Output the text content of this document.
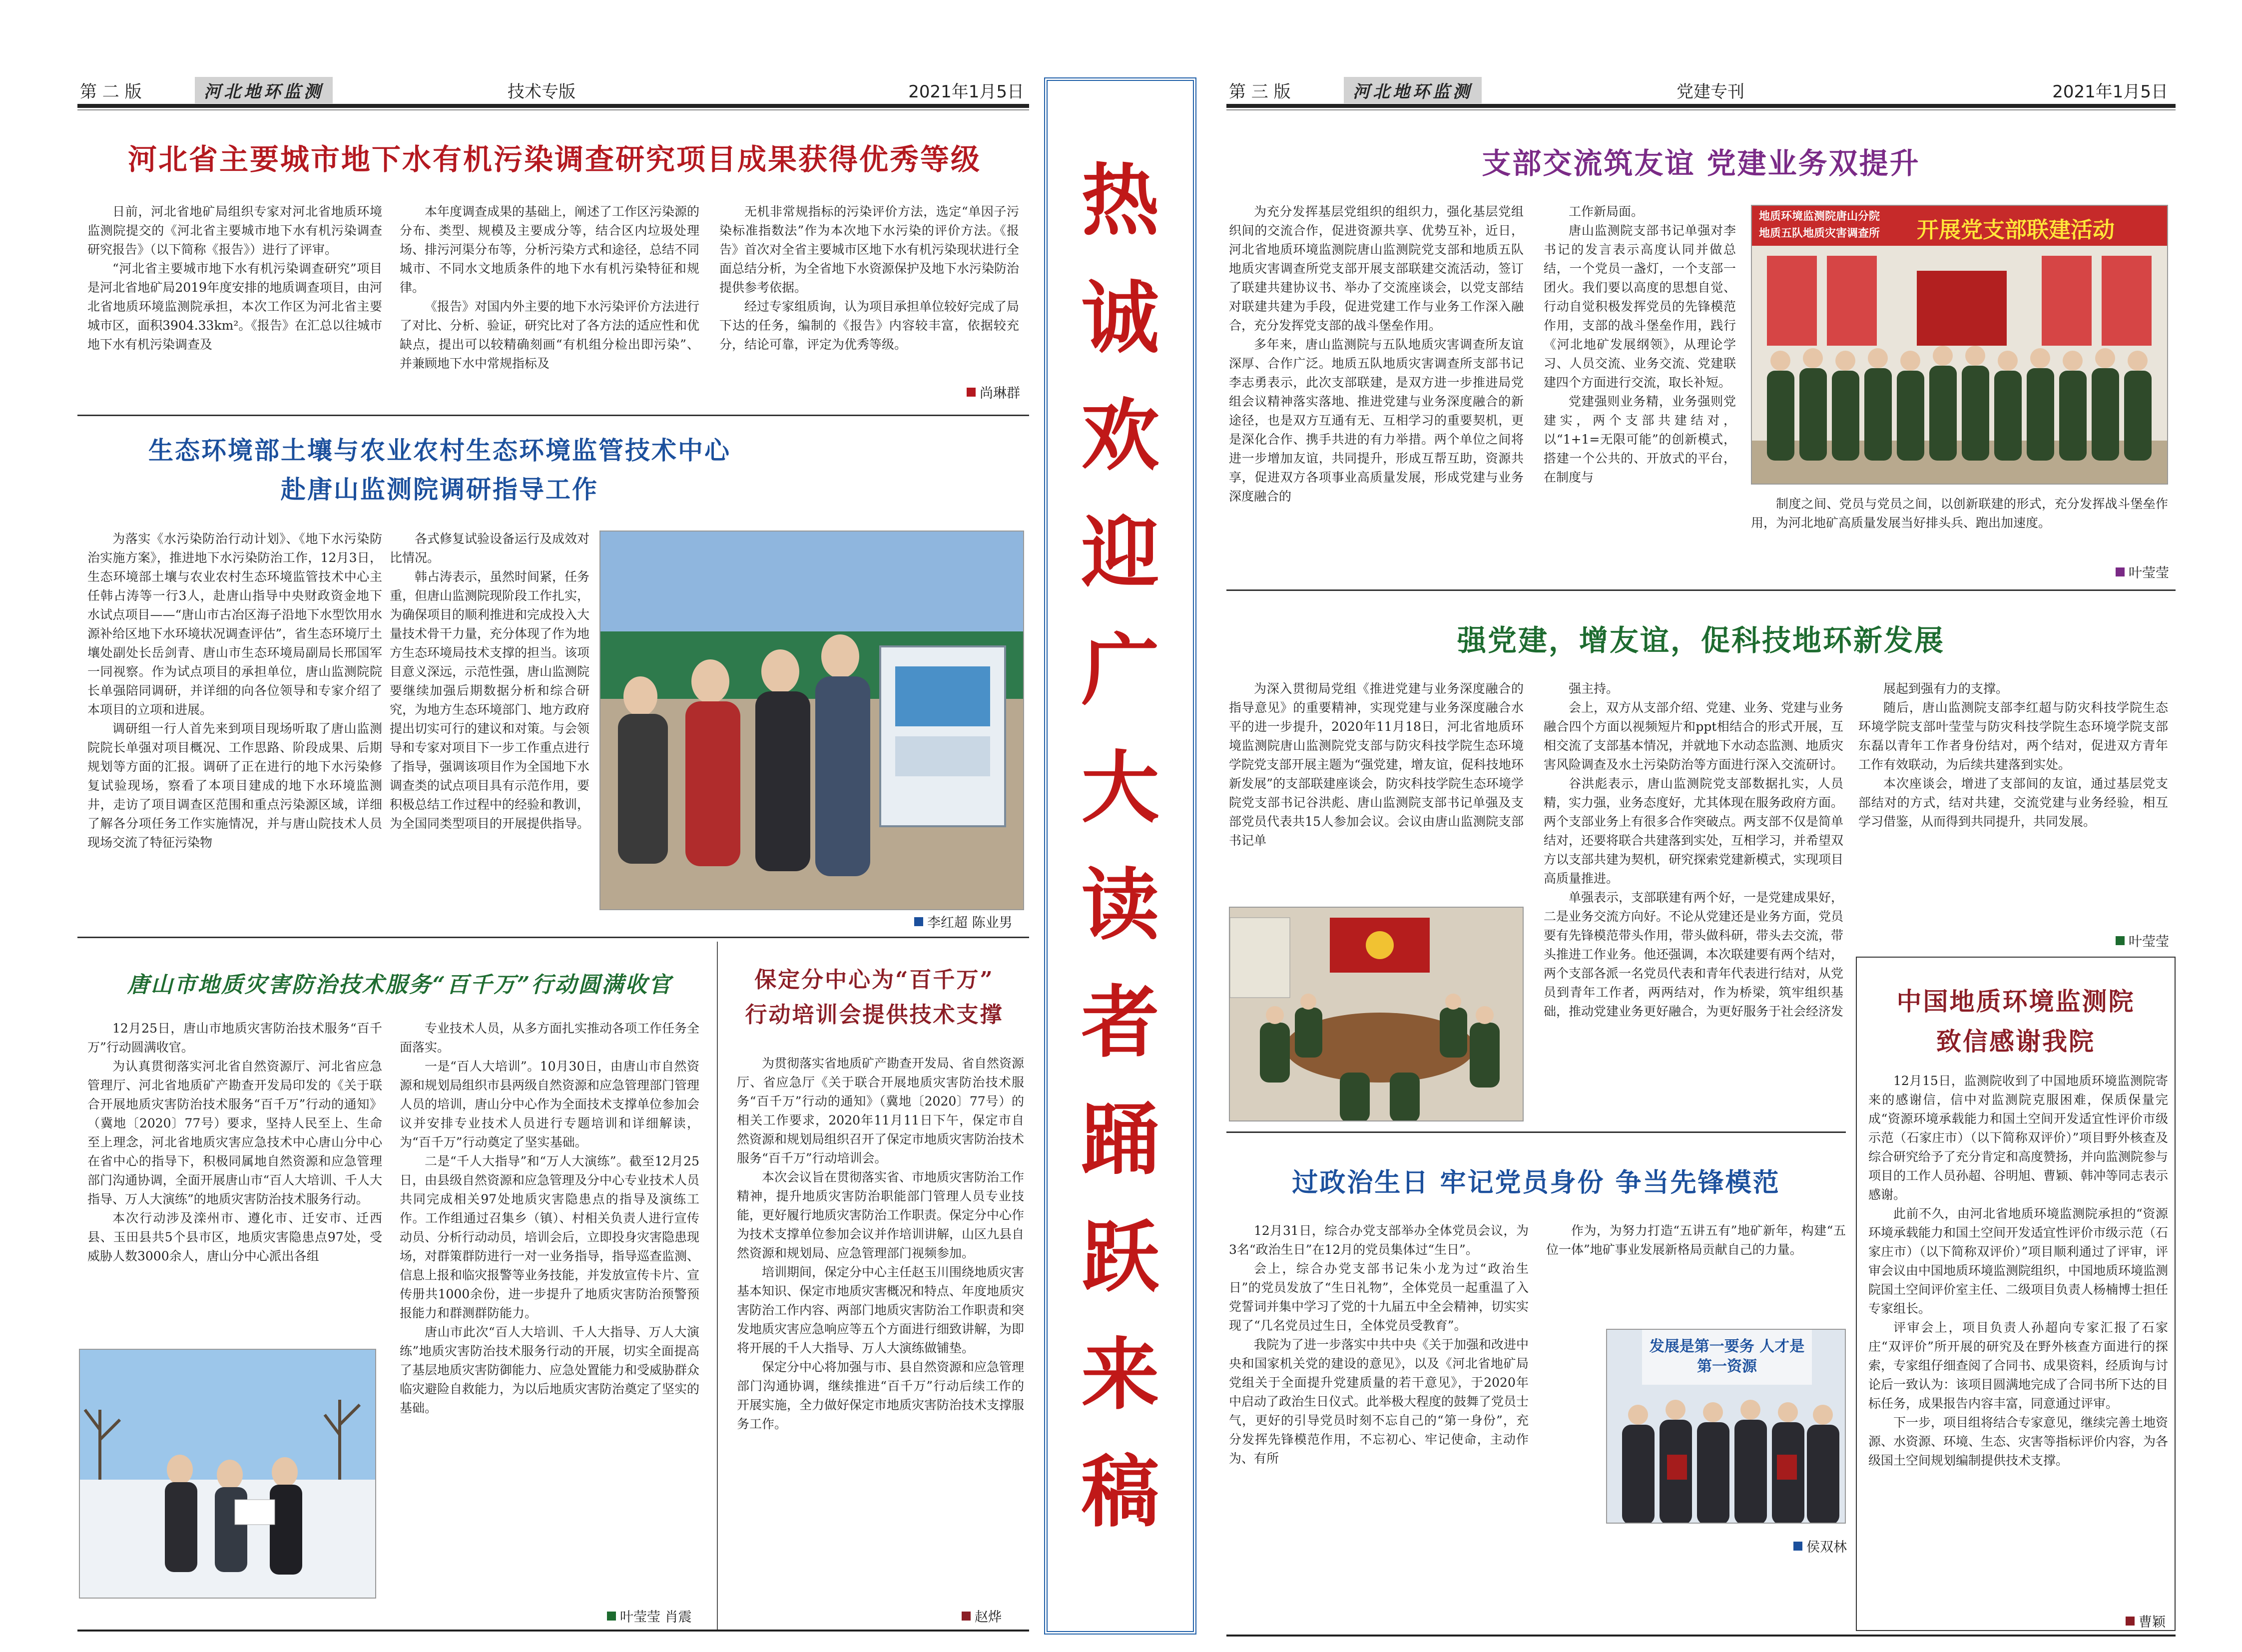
第 二 版	河北地环监测	技术专版	2021年1月5日
河北省主要城市地下水有机污染调查研究项目成果获得优秀等级

日前，河北省地矿局组织专家对河北省地质环境监测院提交的《河北省主要城市地下水有机污染调查研究报告》（以下简称《报告》）进行了评审。

“河北省主要城市地下水有机污染调查研究”项目是河北省地矿局2019年度安排的地质调查项目，由河北省地质环境监测院承担，本次工作区为河北省主要城市区，面积3904.33km²。《报告》在汇总以往城市地下水有机污染调查及

本年度调查成果的基础上，阐述了工作区污染源的分布、类型、规模及主要成分等，结合区内垃圾处理场、排污河渠分布等，分析污染方式和途径，总结不同城市、不同水文地质条件的地下水有机污染特征和规律。

《报告》对国内外主要的地下水污染评价方法进行了对比、分析、验证，研究比对了各方法的适应性和优缺点，提出可以较精确刻画“有机组分检出即污染”、并兼顾地下水中常规指标及

无机非常规指标的污染评价方法，选定“单因子污染标准指数法”作为本次地下水污染的评价方法。《报告》首次对全省主要城市区地下水有机污染现状进行全面总结分析，为全省地下水资源保护及地下水污染防治提供参考依据。

经过专家组质询，认为项目承担单位较好完成了局下达的任务，编制的《报告》内容较丰富，依据较充分，结论可靠，评定为优秀等级。

尚琳群
生态环境部土壤与农业农村生态环境监管技术中心
赴唐山监测院调研指导工作

为落实《水污染防治行动计划》、《地下水污染防治实施方案》，推进地下水污染防治工作，12月3日，生态环境部土壤与农业农村生态环境监管技术中心主任韩占涛等一行3人，赴唐山指导中央财政资金地下水试点项目——“唐山市古冶区海子沿地下水型饮用水源补给区地下水环境状况调查评估”，省生态环境厅土壤处副处长岳剑青、唐山市生态环境局副局长邢国军一同视察。作为试点项目的承担单位，唐山监测院院长单强陪同调研，并详细的向各位领导和专家介绍了本项目的立项和进展。

调研组一行人首先来到项目现场听取了唐山监测院院长单强对项目概况、工作思路、阶段成果、后期规划等方面的汇报。调研了正在进行的地下水污染修复试验现场，察看了本项目建成的地下水环境监测井，走访了项目调查区范围和重点污染源区域，详细了解各分项任务工作实施情况，并与唐山院技术人员现场交流了特征污染物

各式修复试验设备运行及成效对比情况。

韩占涛表示，虽然时间紧，任务重，但唐山监测院现阶段工作扎实，为确保项目的顺利推进和完成投入大量技术骨干力量，充分体现了作为地方生态环境局技术支撑的担当。该项目意义深远，示范性强，唐山监测院要继续加强后期数据分析和综合研究，为地方生态环境部门、地方政府提出切实可行的建议和对策。与会领导和专家对项目下一步工作重点进行了指导，强调该项目作为全国地下水调查类的试点项目具有示范作用，要积极总结工作过程中的经验和教训，为全国同类型项目的开展提供指导。

李红超 陈业男
唐山市地质灾害防治技术服务“百千万”行动圆满收官

12月25日，唐山市地质灾害防治技术服务“百千万”行动圆满收官。

为认真贯彻落实河北省自然资源厅、河北省应急管理厅、河北省地质矿产勘查开发局印发的《关于联合开展地质灾害防治技术服务“百千万”行动的通知》（冀地〔2020〕77号）要求，坚持人民至上、生命至上理念，河北省地质灾害应急技术中心唐山分中心在省中心的指导下，积极同属地自然资源和应急管理部门沟通协调，全面开展唐山市“百人大培训、千人大指导、万人大演练”的地质灾害防治技术服务行动。

本次行动涉及滦州市、遵化市、迁安市、迁西县、玉田县共5个县市区，地质灾害隐患点97处，受威胁人数3000余人，唐山分中心派出各组

专业技术人员，从多方面扎实推动各项工作任务全面落实。

一是“百人大培训”。10月30日，由唐山市自然资源和规划局组织市县两级自然资源和应急管理部门管理人员的培训，唐山分中心作为全面技术支撑单位参加会议并安排专业技术人员进行专题培训和详细解读，为“百千万”行动奠定了坚实基础。

二是“千人大指导”和“万人大演练”。截至12月25日，由县级自然资源和应急管理及分中心专业技术人员共同完成相关97处地质灾害隐患点的指导及演练工作。工作组通过召集乡（镇）、村相关负责人进行宣传动员、分析行动动员，培训会后，立即投身灾害隐患现场，对群策群防进行一对一业务指导，指导巡查监测、信息上报和临灾报警等业务技能，并发放宣传卡片、宣传册共1000余份，进一步提升了地质灾害防治预警预报能力和群测群防能力。

唐山市此次“百人大培训、千人大指导、万人大演练”地质灾害防治技术服务行动的开展，切实全面提高了基层地质灾害防御能力、应急处置能力和受威胁群众临灾避险自救能力，为以后地质灾害防治奠定了坚实的基础。

叶莹莹 肖震
保定分中心为“百千万”
行动培训会提供技术支撑

为贯彻落实省地质矿产勘查开发局、省自然资源厅、省应急厅《关于联合开展地质灾害防治技术服务“百千万”行动的通知》（冀地〔2020〕77号）的相关工作要求，2020年11月11日下午，保定市自然资源和规划局组织召开了保定市地质灾害防治技术服务“百千万”行动培训会。

本次会议旨在贯彻落实省、市地质灾害防治工作精神，提升地质灾害防治职能部门管理人员专业技能，更好履行地质灾害防治工作职责。保定分中心作为技术支撑单位参加会议并作培训讲解，山区九县自然资源和规划局、应急管理部门视频参加。

培训期间，保定分中心主任赵玉川围绕地质灾害基本知识、保定市地质灾害概况和特点、年度地质灾害防治工作内容、两部门地质灾害防治工作职责和突发地质灾害应急响应等五个方面进行细致讲解，为即将开展的千人大指导、万人大演练做铺垫。

保定分中心将加强与市、县自然资源和应急管理部门沟通协调，继续推进“百千万”行动后续工作的开展实施，全力做好保定市地质灾害防治技术支撑服务工作。

赵烨
热
诚
欢
迎
广
大
读
者
踊
跃
来
稿
第 三 版	河北地环监测	党建专刊	2021年1月5日
支部交流筑友谊 党建业务双提升

为充分发挥基层党组织的组织力，强化基层党组织间的交流合作，促进资源共享、优势互补，近日，河北省地质环境监测院唐山监测院党支部和地质五队地质灾害调查所党支部开展支部联建交流活动，签订了联建共建协议书、举办了交流座谈会，以党支部结对联建共建为手段，促进党建工作与业务工作深入融合，充分发挥党支部的战斗堡垒作用。

多年来，唐山监测院与五队地质灾害调查所友谊深厚、合作广泛。地质五队地质灾害调查所支部书记李志勇表示，此次支部联建，是双方进一步推进局党组会议精神落实落地、推进党建与业务深度融合的新途径，也是双方互通有无、互相学习的重要契机，更是深化合作、携手共进的有力举措。两个单位之间将进一步增加友谊，共同提升，形成互帮互助，资源共享，促进双方各项事业高质量发展，形成党建与业务深度融合的

工作新局面。

唐山监测院支部书记单强对李书记的发言表示高度认同并做总结，一个党员一盏灯，一个支部一团火。我们要以高度的思想自觉、行动自觉积极发挥党员的先锋模范作用，支部的战斗堡垒作用，践行《河北地矿发展纲领》，从理论学习、人员交流、业务交流、党建联建四个方面进行交流，取长补短。

党建强则业务精，业务强则党建实，两个支部共建结对，以“1+1=无限可能”的创新模式，搭建一个公共的、开放式的平台，在制度与

地质环境监测院唐山分院
地质五队地质灾害调查所 开展党支部联建活动

制度之间、党员与党员之间，以创新联建的形式，充分发挥战斗堡垒作用，为河北地矿高质量发展当好排头兵、跑出加速度。

叶莹莹
强党建，增友谊，促科技地环新发展

为深入贯彻局党组《推进党建与业务深度融合的指导意见》的重要精神，实现党建与业务深度融合水平的进一步提升，2020年11月18日，河北省地质环境监测院唐山监测院党支部与防灾科技学院生态环境学院党支部开展主题为“强党建，增友谊，促科技地环新发展”的支部联建座谈会，防灾科技学院生态环境学院党支部书记谷洪彪、唐山监测院支部书记单强及支部党员代表共15人参加会议。会议由唐山监测院支部书记单

强主持。

会上，双方从支部介绍、党建、业务、党建与业务融合四个方面以视频短片和ppt相结合的形式开展，互相交流了支部基本情况，并就地下水动态监测、地质灾害风险调查及水土污染防治等方面进行深入交流研讨。

谷洪彪表示，唐山监测院党支部数据扎实，人员精，实力强，业务态度好，尤其体现在服务政府方面。两个支部业务上有很多合作突破点。两支部不仅是简单结对，还要将联合共建落到实处，互相学习，并希望双方以支部共建为契机，研究探索党建新模式，实现项目高质量推进。

单强表示，支部联建有两个好，一是党建成果好，二是业务交流方向好。不论从党建还是业务方面，党员要有先锋模范带头作用，带头做科研，带头去交流，带头推进工作业务。他还强调，本次联建要有两个结对，两个支部各派一名党员代表和青年代表进行结对，从党员到青年工作者，两两结对，作为桥梁，筑牢组织基础，推动党建业务更好融合，为更好服务于社会经济发

展起到强有力的支撑。

随后，唐山监测院支部李红超与防灾科技学院生态环境学院支部叶莹莹与防灾科技学院生态环境学院支部东磊以青年工作者身份结对，两个结对，促进双方青年工作有效联动，为后续共建落到实处。

本次座谈会，增进了支部间的友谊，通过基层党支部结对的方式，结对共建，交流党建与业务经验，相互学习借鉴，从而得到共同提升，共同发展。

叶莹莹
中国地质环境监测院
致信感谢我院

12月15日，监测院收到了中国地质环境监测院寄来的感谢信，信中对监测院克服困难，保质保量完成“资源环境承载能力和国土空间开发适宜性评价市级示范（石家庄市）（以下简称双评价）”项目野外核查及综合研究给予了充分肯定和高度赞扬，并向监测院参与项目的工作人员孙超、谷明旭、曹颖、韩冲等同志表示感谢。

此前不久，由河北省地质环境监测院承担的“资源环境承载能力和国土空间开发适宜性评价市级示范（石家庄市）（以下简称双评价）”项目顺利通过了评审，评审会议由中国地质环境监测院组织，中国地质环境监测院国土空间评价室主任、二级项目负责人杨楠博士担任专家组长。

评审会上，项目负责人孙超向专家汇报了石家庄“双评价”所开展的研究及在野外核查方面进行的探索，专家组仔细查阅了合同书、成果资料，经质询与讨论后一致认为：该项目圆满地完成了合同书所下达的目标任务，成果报告内容丰富，同意通过评审。

下一步，项目组将结合专家意见，继续完善土地资源、水资源、环境、生态、灾害等指标评价内容，为各级国土空间规划编制提供技术支撑。

曹颖
过政治生日 牢记党员身份 争当先锋模范

12月31日，综合办党支部举办全体党员会议，为3名“政治生日”在12月的党员集体过“生日”。

会上，综合办党支部书记朱小龙为过“政治生日”的党员发放了“生日礼物”，全体党员一起重温了入党誓词并集中学习了党的十九届五中全会精神，切实实现了“几名党员过生日，全体党员受教育”。

我院为了进一步落实中共中央《关于加强和改进中央和国家机关党的建设的意见》，以及《河北省地矿局党组关于全面提升党建质量的若干意见》，于2020年中启动了政治生日仪式。此举极大程度的鼓舞了党员士气，更好的引导党员时刻不忘自己的“第一身份”，充分发挥先锋模范作用，不忘初心、牢记使命，主动作为、有所

作为，为努力打造“五讲五有”地矿新年，构建“五位一体”地矿事业发展新格局贡献自己的力量。

发展是第一要务 人才是第一资源
侯双林
